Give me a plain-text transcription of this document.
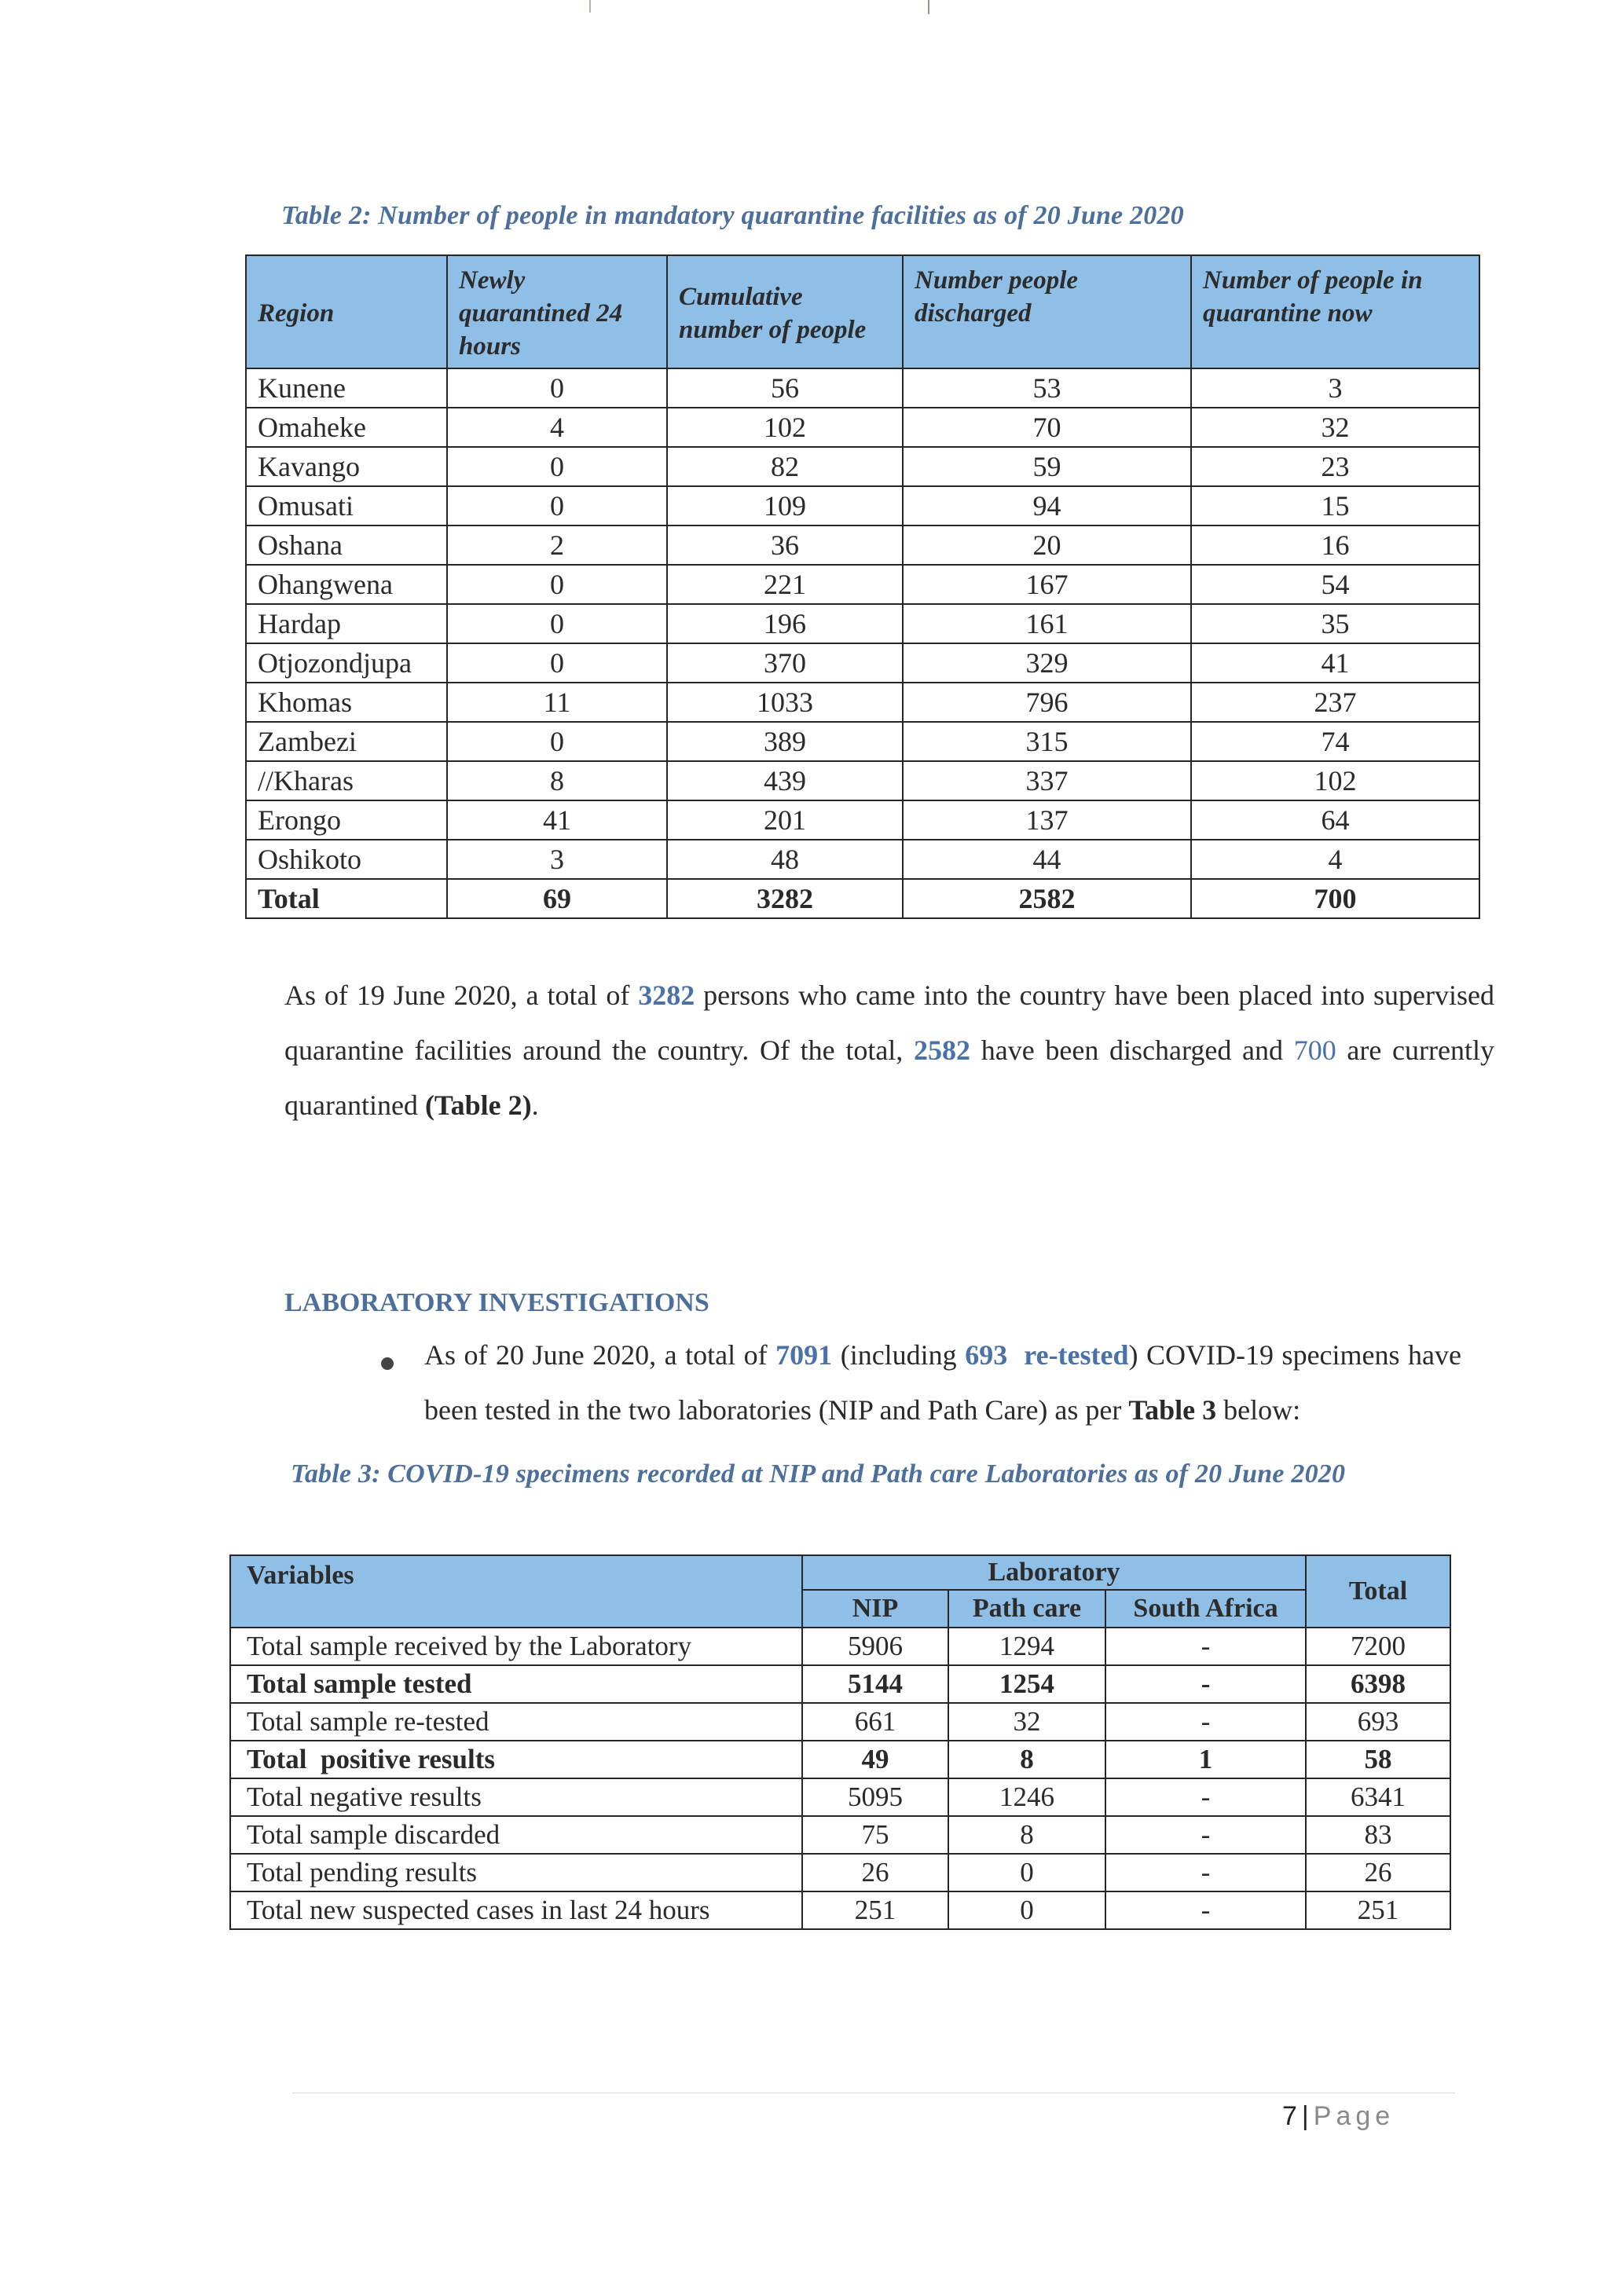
Table 2: Number of people in mandatory quarantine facilities as of 20 June 2020
Region	Newly quarantined 24 hours	Cumulative number of people	Number people discharged	Number of people in quarantine now
Kunene	0	56	53	3
Omaheke	4	102	70	32
Kavango	0	82	59	23
Omusati	0	109	94	15
Oshana	2	36	20	16
Ohangwena	0	221	167	54
Hardap	0	196	161	35
Otjozondjupa	0	370	329	41
Khomas	11	1033	796	237
Zambezi	0	389	315	74
//Kharas	8	439	337	102
Erongo	41	201	137	64
Oshikoto	3	48	44	4
Total	69	3282	2582	700
As of 19 June 2020, a total of 3282 persons who came into the country have been placed into supervised quarantine facilities around the country. Of the total, 2582 have been discharged and 700 are currently quarantined (Table 2).
LABORATORY INVESTIGATIONS
As of 20 June 2020, a total of 7091 (including 693  re-tested) COVID-19 specimens have been tested in the two laboratories (NIP and Path Care) as per Table 3 below:
Table 3: COVID-19 specimens recorded at NIP and Path care Laboratories as of 20 June 2020
Variables	Laboratory			Total
	NIP	Path care	South Africa	
Total sample received by the Laboratory	5906	1294	-	7200
Total sample tested	5144	1254	-	6398
Total sample re-tested	661	32	-	693
Total  positive results	49	8	1	58
Total negative results	5095	1246	-	6341
Total sample discarded	75	8	-	83
Total pending results	26	0	-	26
Total new suspected cases in last 24 hours	251	0	-	251
7 | Page
